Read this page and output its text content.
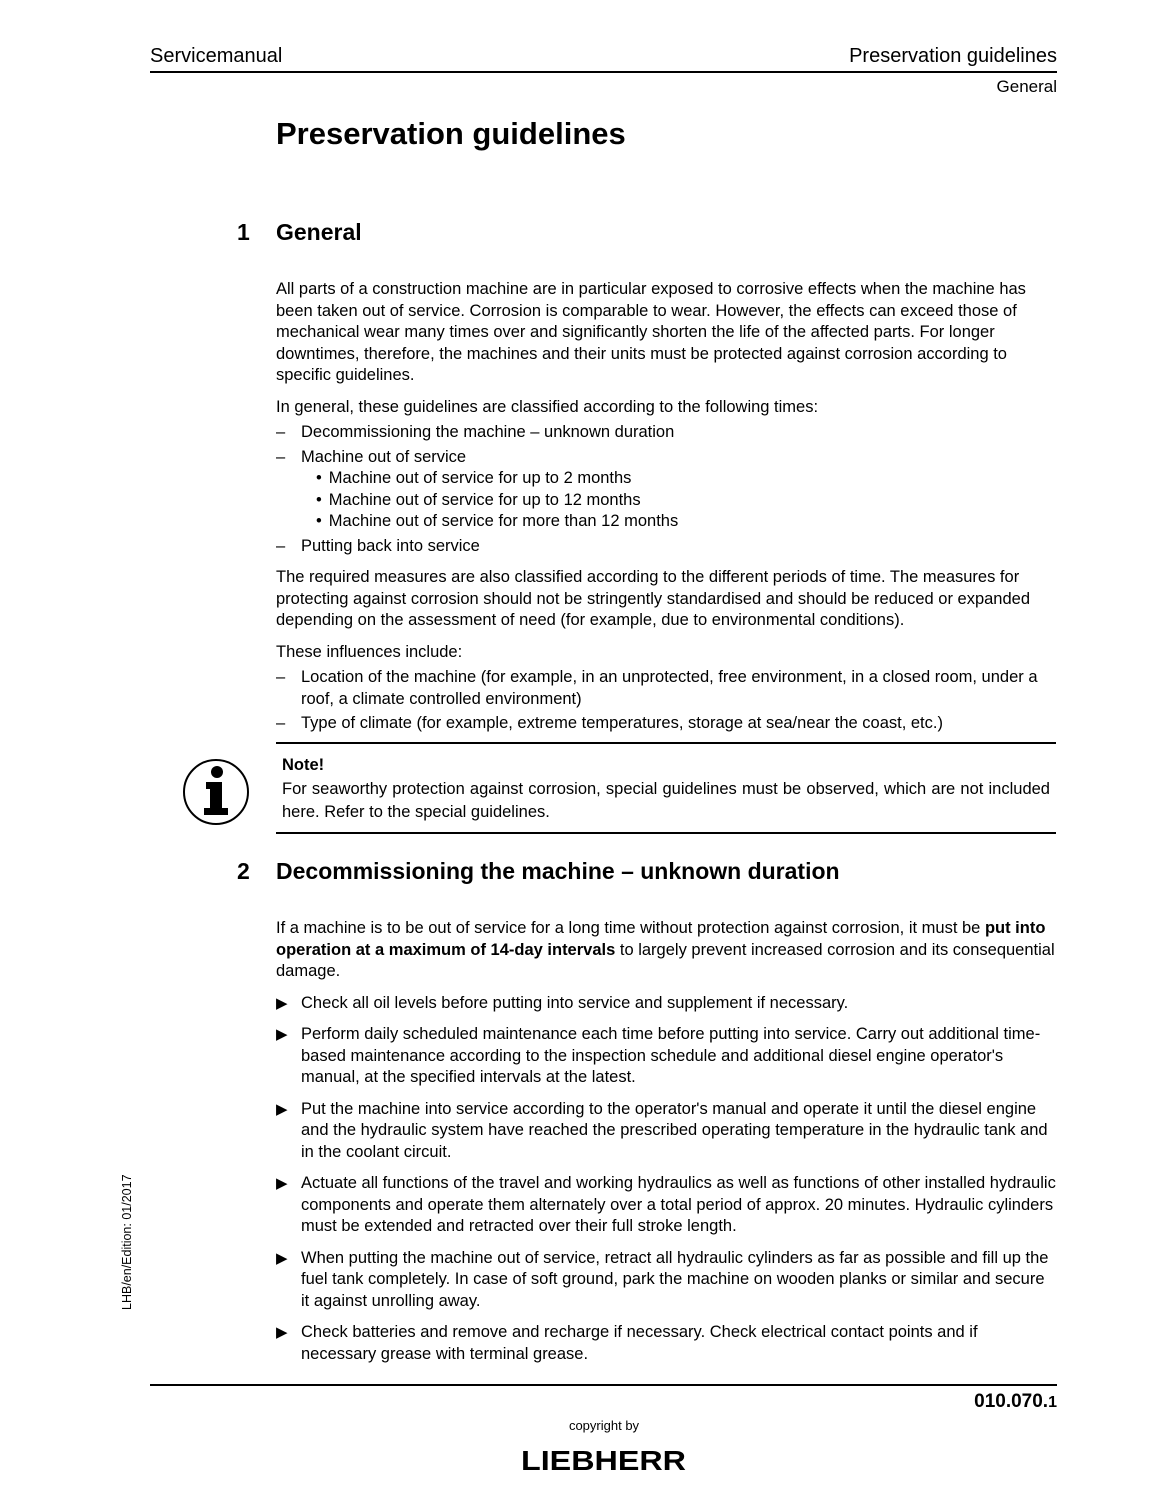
Servicemanual	Preservation guidelines
General
Preservation guidelines
1 General

All parts of a construction machine are in particular exposed to corrosive effects when the machine has been taken out of service. Corrosion is comparable to wear. However, the effects can exceed those of mechanical wear many times over and significantly shorten the life of the affected parts. For longer downtimes, therefore, the machines and their units must be protected against corrosion according to specific guidelines.

In general, these guidelines are classified according to the following times:

– Decommissioning the machine – unknown duration
– Machine out of service
• Machine out of service for up to 2 months
• Machine out of service for up to 12 months
• Machine out of service for more than 12 months
– Putting back into service

The required measures are also classified according to the different periods of time. The measures for protecting against corrosion should not be stringently standardised and should be reduced or expanded depending on the assessment of need (for example, due to environmental conditions).

These influences include:

– Location of the machine (for example, in an unprotected, free environment, in a closed room, under a roof, a climate controlled environment)
– Type of climate (for example, extreme temperatures, storage at sea/near the coast, etc.)
Note!
For seaworthy protection against corrosion, special guidelines must be observed, which are not included here. Refer to the special guidelines.
2 Decommissioning the machine – unknown duration

If a machine is to be out of service for a long time without protection against corrosion, it must be put into operation at a maximum of 14-day intervals to largely prevent increased corrosion and its consequential damage.

▶ Check all oil levels before putting into service and supplement if necessary.
▶ Perform daily scheduled maintenance each time before putting into service. Carry out additional time-based maintenance according to the inspection schedule and additional diesel engine operator's manual, at the specified intervals at the latest.
▶ Put the machine into service according to the operator's manual and operate it until the diesel engine and the hydraulic system have reached the prescribed operating temperature in the hydraulic tank and in the coolant circuit.
▶ Actuate all functions of the travel and working hydraulics as well as functions of other installed hydraulic components and operate them alternately over a total period of approx. 20 minutes. Hydraulic cylinders must be extended and retracted over their full stroke length.
▶ When putting the machine out of service, retract all hydraulic cylinders as far as possible and fill up the fuel tank completely. In case of soft ground, park the machine on wooden planks or similar and secure it against unrolling away.
▶ Check batteries and remove and recharge if necessary. Check electrical contact points and if necessary grease with terminal grease.
LHB/en/Edition: 01/2017
010.070.1
copyright by
LIEBHERR
